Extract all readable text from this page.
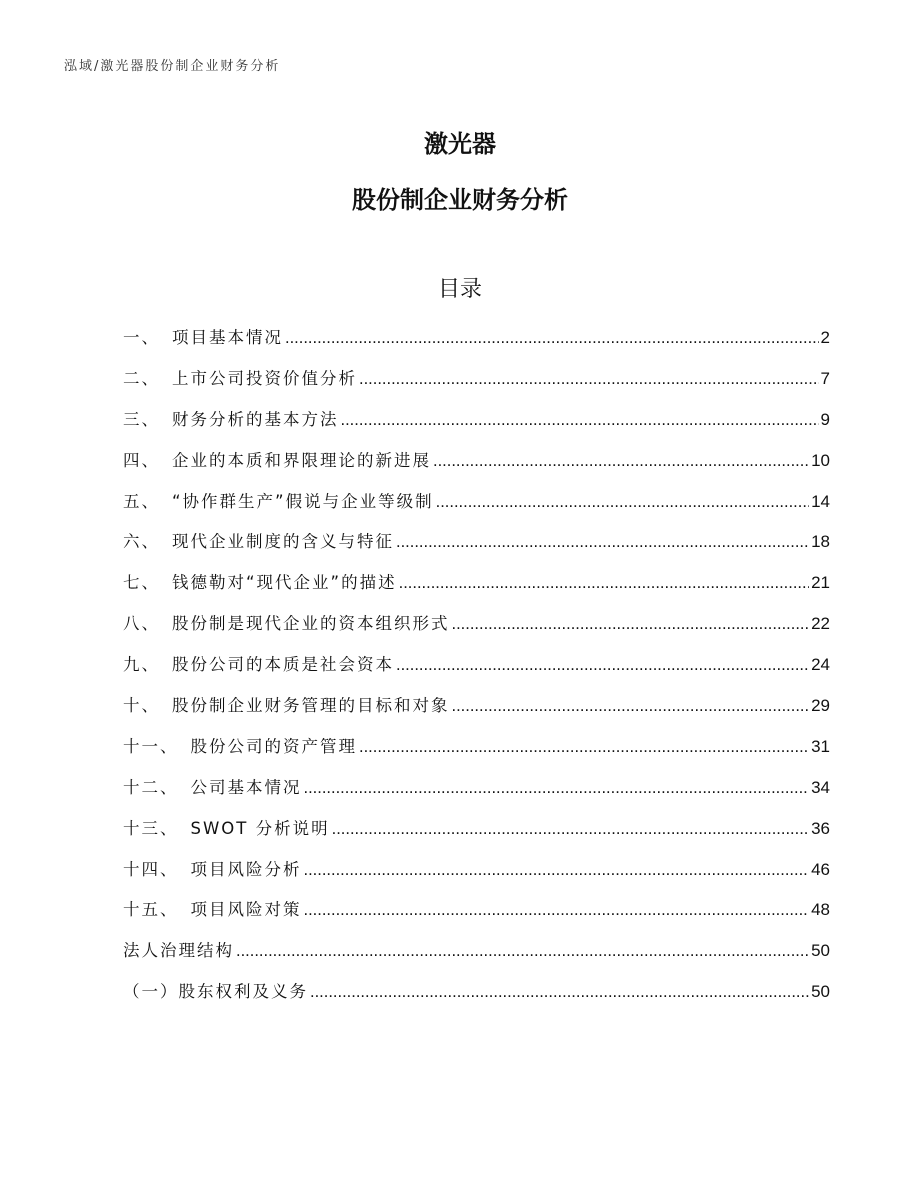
泓域/激光器股份制企业财务分析
激光器
股份制企业财务分析
目录
一、 项目基本情况 .....	2
二、 上市公司投资价值分析 .....	7
三、 财务分析的基本方法 .....	9
四、 企业的本质和界限理论的新进展 .....	10
五、 “协作群生产”假说与企业等级制 .....	14
六、 现代企业制度的含义与特征 .....	18
七、 钱德勒对“现代企业”的描述 .....	21
八、 股份制是现代企业的资本组织形式 .....	22
九、 股份公司的本质是社会资本 .....	24
十、 股份制企业财务管理的目标和对象 .....	29
十一、 股份公司的资产管理 .....	31
十二、 公司基本情况 .....	34
十三、 SWOT 分析说明 .....	36
十四、 项目风险分析 .....	46
十五、 项目风险对策 .....	48
法人治理结构 .....	50
（一） 股东权利及义务 .....	50
